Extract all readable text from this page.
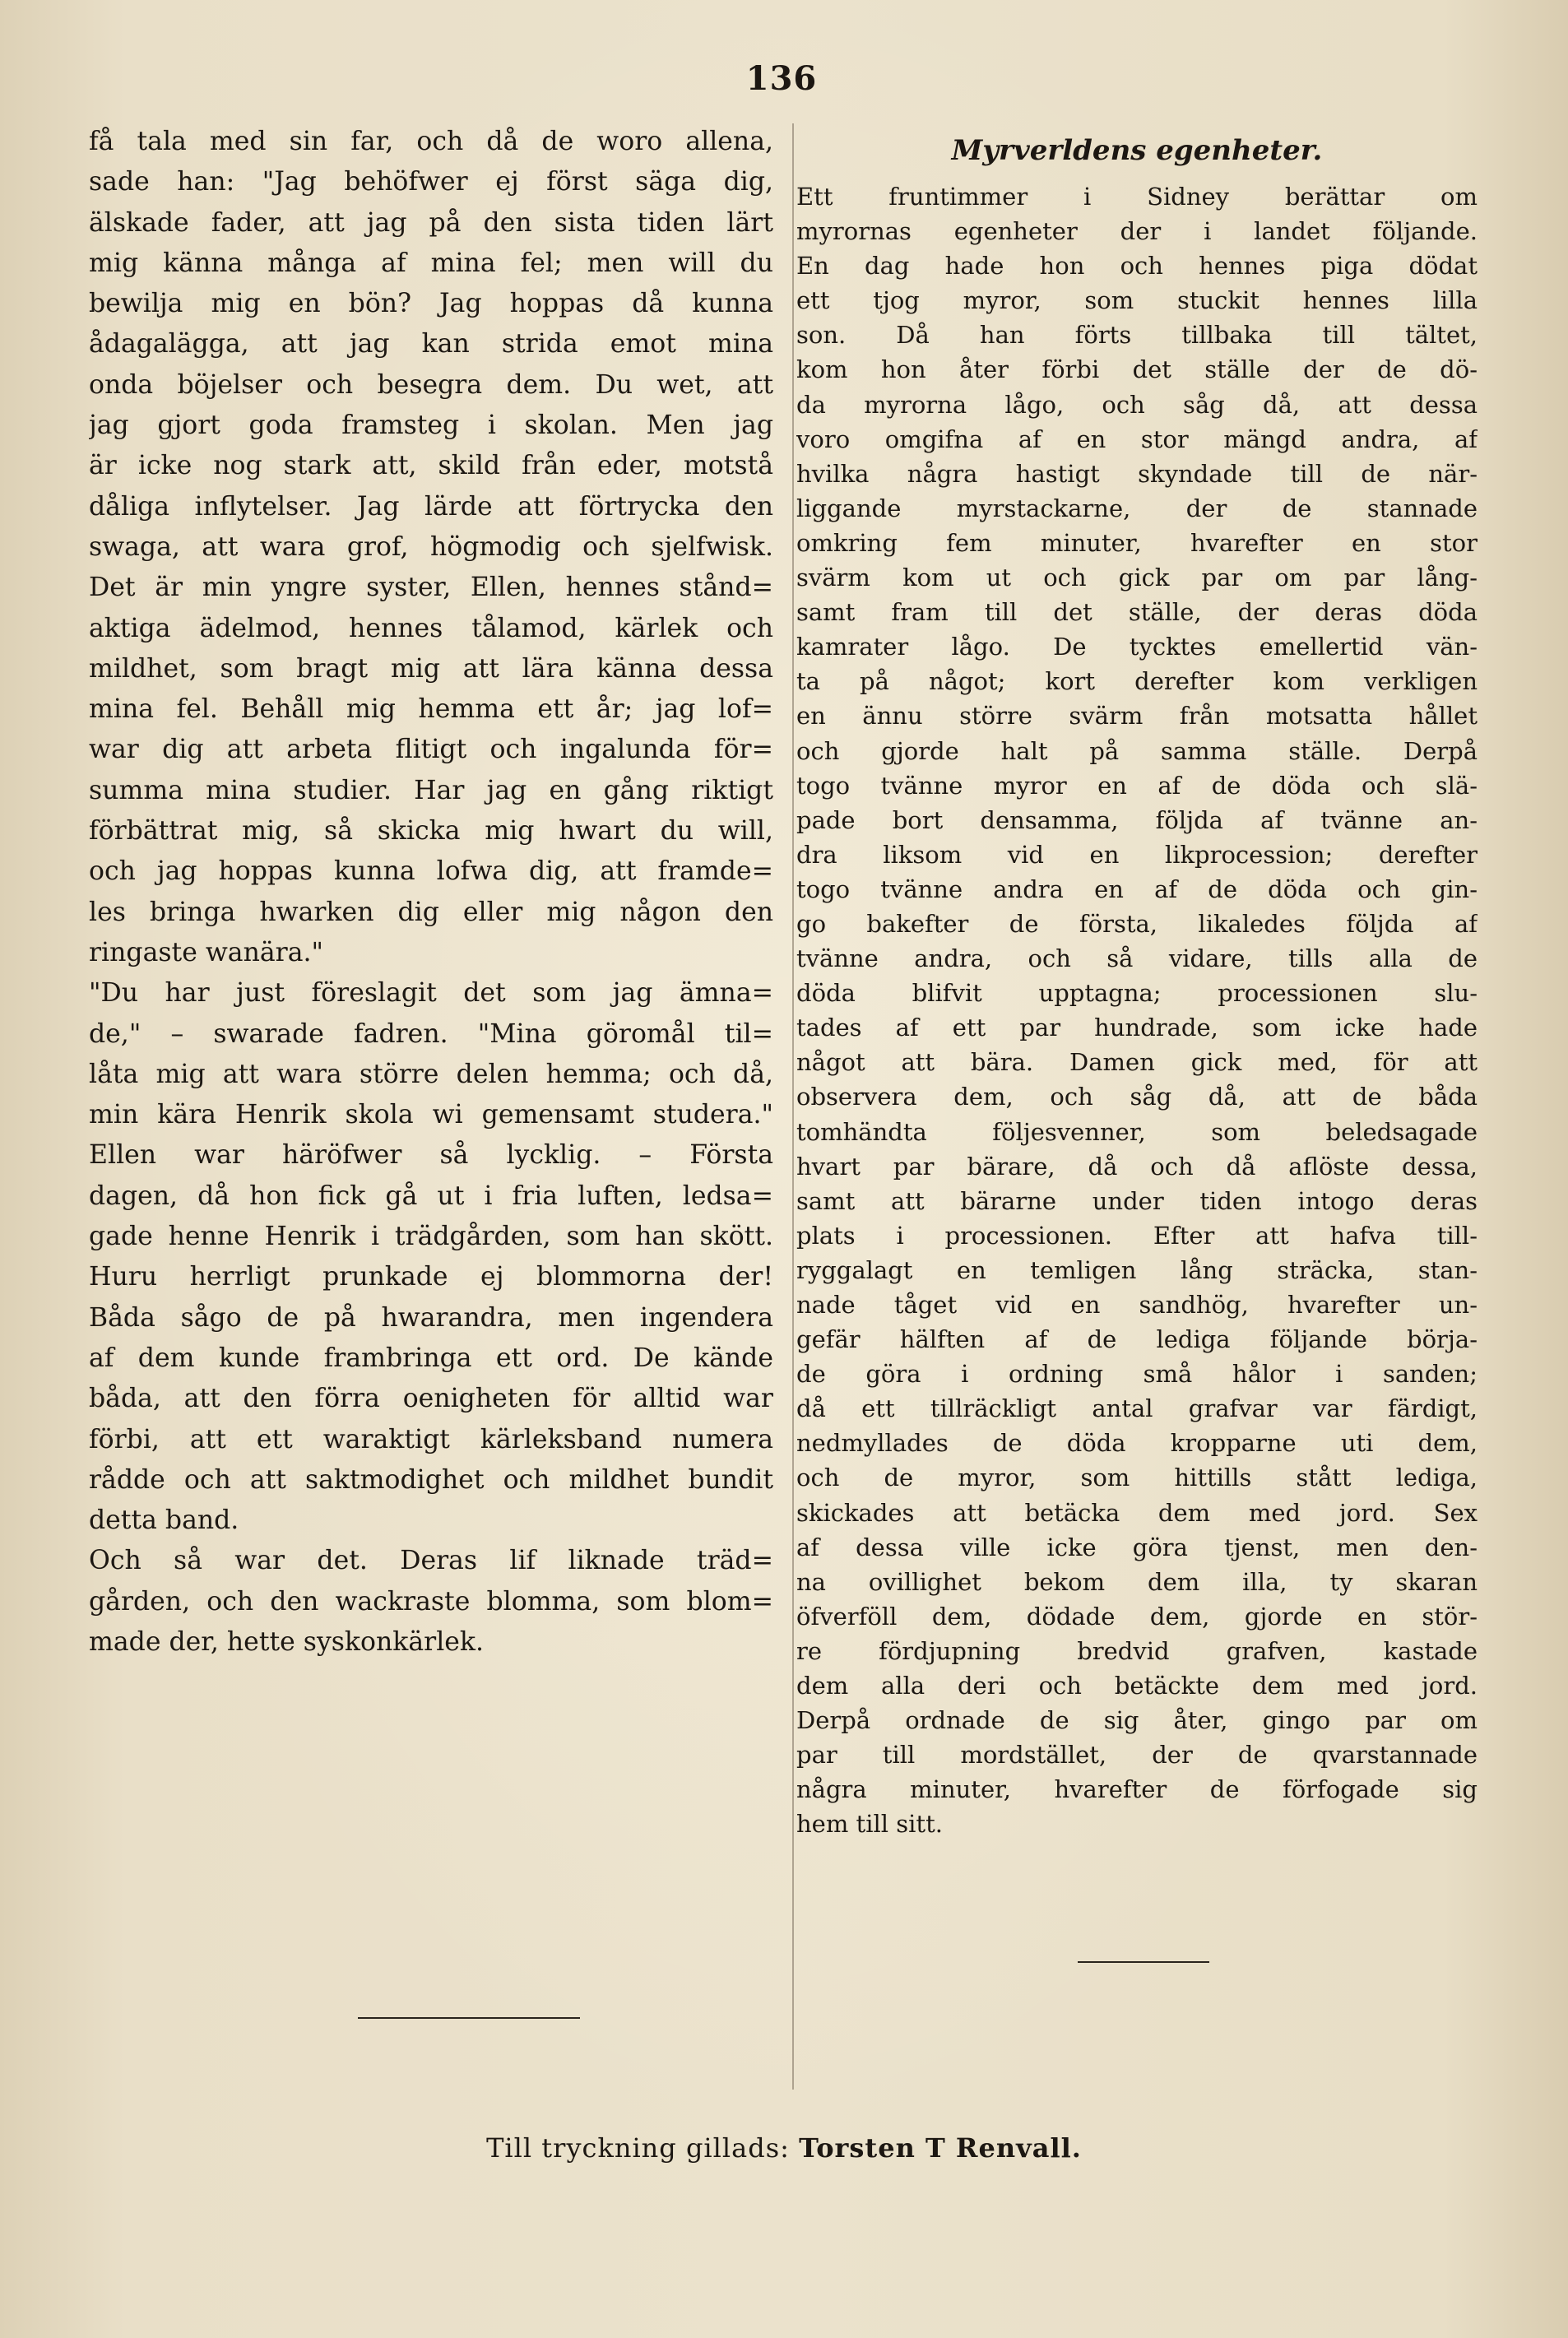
136
få tala med sin far, och då de woro allena,
sade han: "Jag behöfwer ej först säga dig,
älskade fader, att jag på den sista tiden lärt
mig känna många af mina fel; men will du
bewilja mig en bön? Jag hoppas då kunna
ådagalägga, att jag kan strida emot mina
onda böjelser och besegra dem. Du wet, att
jag gjort goda framsteg i skolan. Men jag
är icke nog stark att, skild från eder, motstå
dåliga inflytelser. Jag lärde att förtrycka den
swaga, att wara grof, högmodig och sjelfwisk.
Det är min yngre syster, Ellen, hennes stånd=
aktiga ädelmod, hennes tålamod, kärlek och
mildhet, som bragt mig att lära känna dessa
mina fel. Behåll mig hemma ett år; jag lof=
war dig att arbeta flitigt och ingalunda för=
summa mina studier. Har jag en gång riktigt
förbättrat mig, så skicka mig hwart du will,
och jag hoppas kunna lofwa dig, att framde=
les bringa hwarken dig eller mig någon den
ringaste wanära."
"Du har just föreslagit det som jag ämna=
de," – swarade fadren. "Mina göromål til=
låta mig att wara större delen hemma; och då,
min kära Henrik skola wi gemensamt studera."
Ellen war häröfwer så lycklig. – Första
dagen, då hon fick gå ut i fria luften, ledsa=
gade henne Henrik i trädgården, som han skött.
Huru herrligt prunkade ej blommorna der!
Båda sågo de på hwarandra, men ingendera
af dem kunde frambringa ett ord. De kände
båda, att den förra oenigheten för alltid war
förbi, att ett waraktigt kärleksband numera
rådde och att saktmodighet och mildhet bundit
detta band.
Och så war det. Deras lif liknade träd=
gården, och den wackraste blomma, som blom=
made der, hette syskonkärlek.
Myrverldens egenheter.
Ett fruntimmer i Sidney berättar om
myrornas egenheter der i landet följande.
En dag hade hon och hennes piga dödat
ett tjog myror, som stuckit hennes lilla
son. Då han förts tillbaka till tältet,
kom hon åter förbi det ställe der de dö-
da myrorna lågo, och såg då, att dessa
voro omgifna af en stor mängd andra, af
hvilka några hastigt skyndade till de när-
liggande myrstackarne, der de stannade
omkring fem minuter, hvarefter en stor
svärm kom ut och gick par om par lång-
samt fram till det ställe, der deras döda
kamrater lågo. De tycktes emellertid vän-
ta på något; kort derefter kom verkligen
en ännu större svärm från motsatta hållet
och gjorde halt på samma ställe. Derpå
togo tvänne myror en af de döda och slä-
pade bort densamma, följda af tvänne an-
dra liksom vid en likprocession; derefter
togo tvänne andra en af de döda och gin-
go bakefter de första, likaledes följda af
tvänne andra, och så vidare, tills alla de
döda blifvit upptagna; processionen slu-
tades af ett par hundrade, som icke hade
något att bära. Damen gick med, för att
observera dem, och såg då, att de båda
tomhändta följesvenner, som beledsagade
hvart par bärare, då och då aflöste dessa,
samt att bärarne under tiden intogo deras
plats i processionen. Efter att hafva till-
ryggalagt en temligen lång sträcka, stan-
nade tåget vid en sandhög, hvarefter un-
gefär hälften af de lediga följande börja-
de göra i ordning små hålor i sanden;
då ett tillräckligt antal grafvar var färdigt,
nedmyllades de döda kropparne uti dem,
och de myror, som hittills stått lediga,
skickades att betäcka dem med jord. Sex
af dessa ville icke göra tjenst, men den-
na ovillighet bekom dem illa, ty skaran
öfverföll dem, dödade dem, gjorde en stör-
re fördjupning bredvid grafven, kastade
dem alla deri och betäckte dem med jord.
Derpå ordnade de sig åter, gingo par om
par till mordstället, der de qvarstannade
några minuter, hvarefter de förfogade sig
hem till sitt.
Till tryckning gillads: Torsten T Renvall.
